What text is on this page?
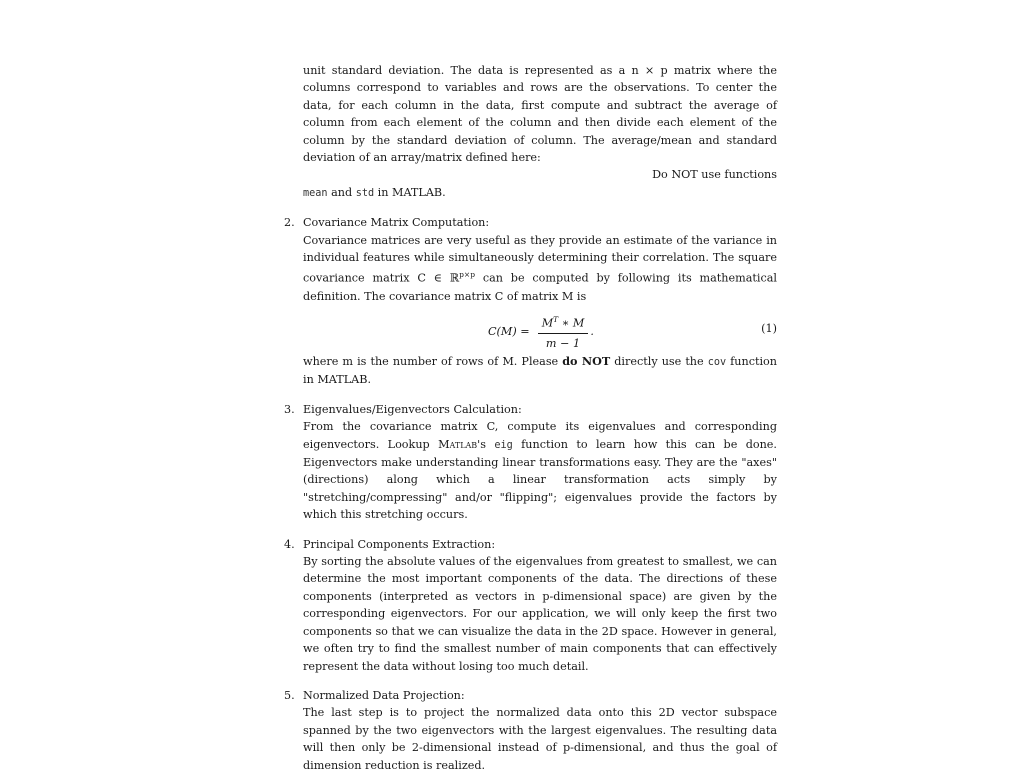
unit standard deviation. The data is represented as a n × p matrix where the columns correspond to variables and rows are the observations. To center the data, for each column in the data, first compute and subtract the average of column from each element of the column and then divide each element of the column by the standard deviation of column. The average/mean and standard deviation of an array/matrix defined here:

Do NOT use functions

mean and std in MATLAB.

2. Covariance Matrix Computation:

Covariance matrices are very useful as they provide an estimate of the variance in individual features while simultaneously determining their correlation. The square covariance matrix C ∈ ℝ$^{p\times p}$ can be computed by following its mathematical definition. The covariance matrix C of matrix M is

$C(M) = \frac{M^T ∗ M}{m - 1}$ .	(1)

where m is the number of rows of M. Please do NOT directly use the cov function in MATLAB.

3. Eigenvalues/Eigenvectors Calculation:

From the covariance matrix C, compute its eigenvalues and corresponding eigenvectors. Lookup Matlab's eig function to learn how this can be done. Eigenvectors make understanding linear transformations easy. They are the "axes" (directions) along which a linear transformation acts simply by "stretching/compressing" and/or "flipping"; eigenvalues provide the factors by which this stretching occurs.

4. Principal Components Extraction:

By sorting the absolute values of the eigenvalues from greatest to smallest, we can determine the most important components of the data. The directions of these components (interpreted as vectors in p-dimensional space) are given by the corresponding eigenvectors. For our application, we will only keep the first two components so that we can visualize the data in the 2D space. However in general, we often try to find the smallest number of main components that can effectively represent the data without losing too much detail.

5. Normalized Data Projection:

The last step is to project the normalized data onto this 2D vector subspace spanned by the two eigenvectors with the largest eigenvalues. The resulting data will then only be 2-dimensional instead of p-dimensional, and thus the goal of dimension reduction is realized.
